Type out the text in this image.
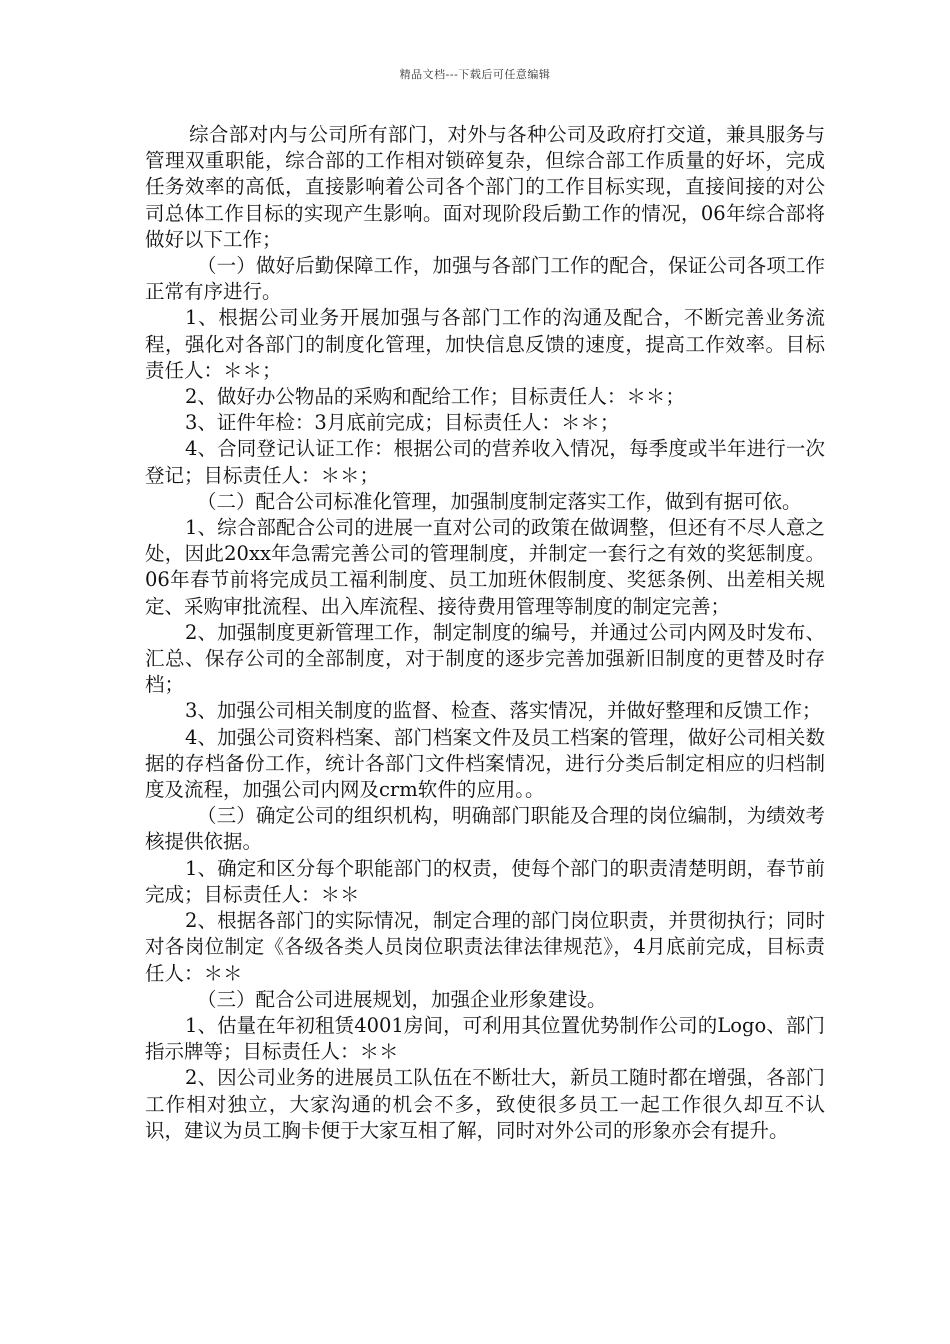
精品文档---下载后可任意编辑

综合部对内与公司所有部门，对外与各种公司及政府打交道，兼具服务与管理双重职能，综合部的工作相对锁碎复杂，但综合部工作质量的好坏，完成任务效率的高低，直接影响着公司各个部门的工作目标实现，直接间接的对公司总体工作目标的实现产生影响。面对现阶段后勤工作的情况，06年综合部将做好以下工作；

（一）做好后勤保障工作，加强与各部门工作的配合，保证公司各项工作正常有序进行。

1、根据公司业务开展加强与各部门工作的沟通及配合，不断完善业务流程，强化对各部门的制度化管理，加快信息反馈的速度，提高工作效率。目标责任人：＊＊；

2、做好办公物品的采购和配给工作；目标责任人：＊＊；

3、证件年检：3月底前完成；目标责任人：＊＊；

4、合同登记认证工作：根据公司的营养收入情况，每季度或半年进行一次登记；目标责任人：＊＊；

（二）配合公司标准化管理，加强制度制定落实工作，做到有据可依。

1、综合部配合公司的进展一直对公司的政策在做调整，但还有不尽人意之处，因此20xx年急需完善公司的管理制度，并制定一套行之有效的奖惩制度。06年春节前将完成员工福利制度、员工加班休假制度、奖惩条例、出差相关规定、采购审批流程、出入库流程、接待费用管理等制度的制定完善；

2、加强制度更新管理工作，制定制度的编号，并通过公司内网及时发布、汇总、保存公司的全部制度，对于制度的逐步完善加强新旧制度的更替及时存档；

3、加强公司相关制度的监督、检查、落实情况，并做好整理和反馈工作；

4、加强公司资料档案、部门档案文件及员工档案的管理，做好公司相关数据的存档备份工作，统计各部门文件档案情况，进行分类后制定相应的归档制度及流程，加强公司内网及crm软件的应用。。

（三）确定公司的组织机构，明确部门职能及合理的岗位编制，为绩效考核提供依据。

1、确定和区分每个职能部门的权责，使每个部门的职责清楚明朗，春节前完成；目标责任人：＊＊

2、根据各部门的实际情况，制定合理的部门岗位职责，并贯彻执行；同时对各岗位制定《各级各类人员岗位职责法律法律规范》，4月底前完成，目标责任人：＊＊

（三）配合公司进展规划，加强企业形象建设。

1、估量在年初租赁4001房间，可利用其位置优势制作公司的Logo、部门指示牌等；目标责任人：＊＊

2、因公司业务的进展员工队伍在不断壮大，新员工随时都在增强，各部门工作相对独立，大家沟通的机会不多，致使很多员工一起工作很久却互不认识，建议为员工胸卡便于大家互相了解，同时对外公司的形象亦会有提升。
